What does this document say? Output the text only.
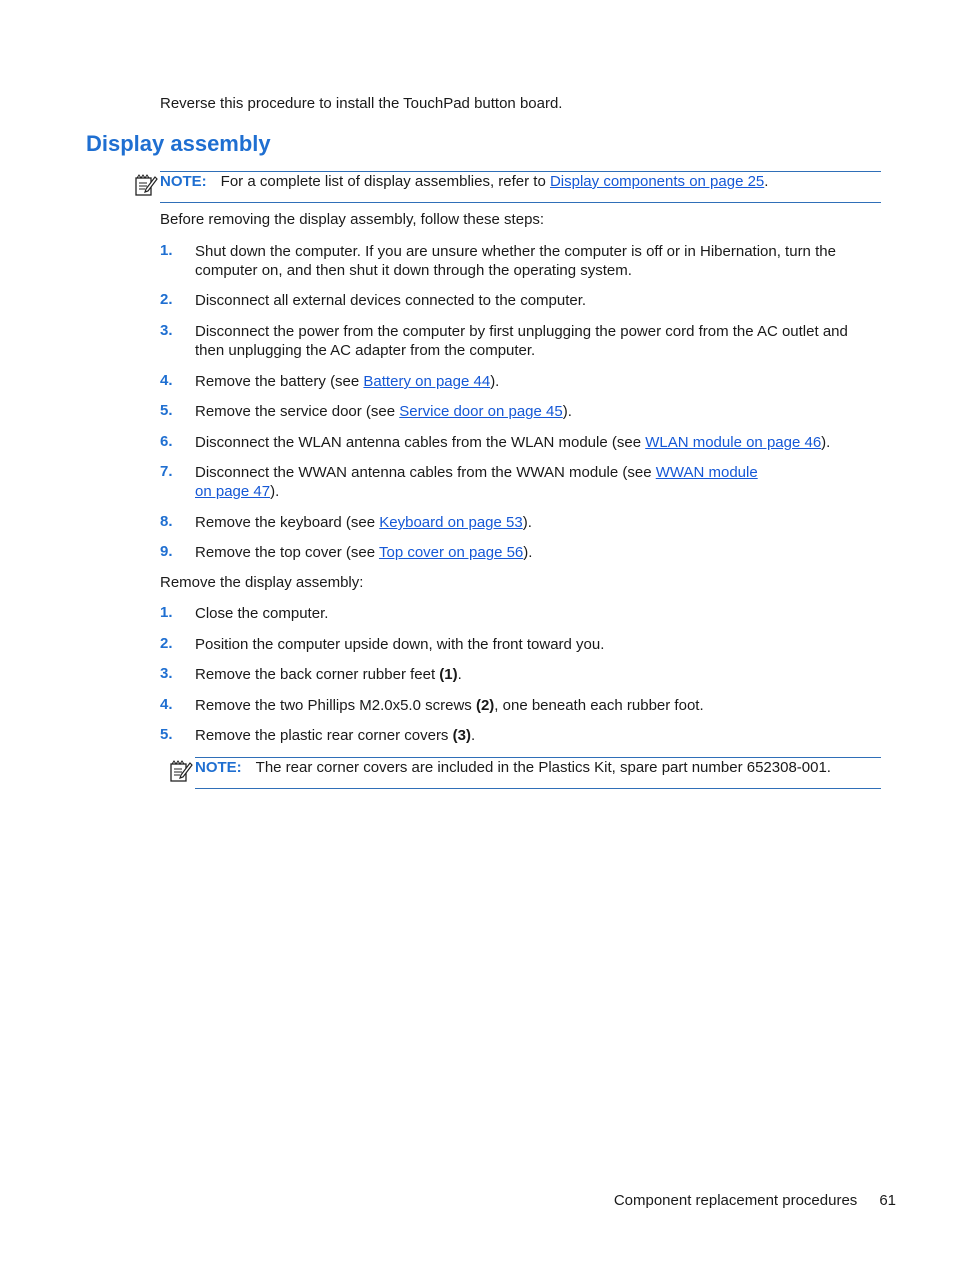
Reverse this procedure to install the TouchPad button board.
Display assembly
NOTE: For a complete list of display assemblies, refer to Display components on page 25.
Before removing the display assembly, follow these steps:
1. Shut down the computer. If you are unsure whether the computer is off or in Hibernation, turn the computer on, and then shut it down through the operating system.
2. Disconnect all external devices connected to the computer.
3. Disconnect the power from the computer by first unplugging the power cord from the AC outlet and then unplugging the AC adapter from the computer.
4. Remove the battery (see Battery on page 44).
5. Remove the service door (see Service door on page 45).
6. Disconnect the WLAN antenna cables from the WLAN module (see WLAN module on page 46).
7. Disconnect the WWAN antenna cables from the WWAN module (see WWAN module
on page 47).
8. Remove the keyboard (see Keyboard on page 53).
9. Remove the top cover (see Top cover on page 56).
Remove the display assembly:
1. Close the computer.
2. Position the computer upside down, with the front toward you.
3. Remove the back corner rubber feet (1).
4. Remove the two Phillips M2.0x5.0 screws (2), one beneath each rubber foot.
5. Remove the plastic rear corner covers (3).
NOTE: The rear corner covers are included in the Plastics Kit, spare part number 652308-001.
Component replacement procedures 61
